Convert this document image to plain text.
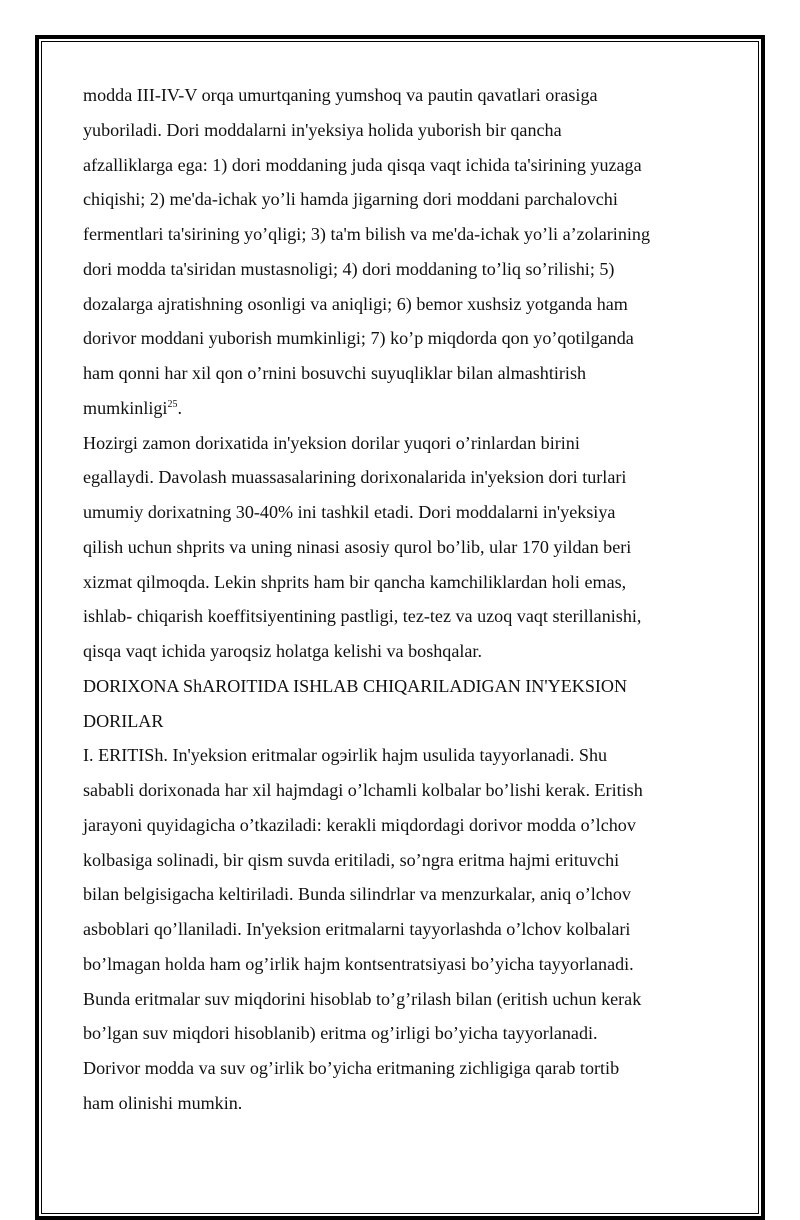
modda III-IV-V orqa umurtqaning yumshoq va pautin qavatlari orasiga
yuboriladi. Dori moddalarni in'yeksiya holida yuborish bir qancha
afzalliklarga ega: 1) dori moddaning juda qisqa vaqt ichida ta'sirining yuzaga
chiqishi; 2) me'da-ichak yo’li hamda jigarning dori moddani parchalovchi
fermentlari ta'sirining yo’qligi; 3) ta'm bilish va me'da-ichak yo’li a’zolarining
dori modda ta'siridan mustasnoligi; 4) dori moddaning to’liq so’rilishi; 5)
dozalarga ajratishning osonligi va aniqligi; 6) bemor xushsiz yotganda ham
dorivor moddani yuborish mumkinligi; 7) ko’p miqdorda qon yo’qotilganda
ham qonni har xil qon o’rnini bosuvchi suyuqliklar bilan almashtirish
mumkinligi$^{25}$.

Hozirgi zamon dorixatida in'yeksion dorilar yuqori o’rinlardan birini
egallaydi. Davolash muassasalarining dorixonalarida in'yeksion dori turlari
umumiy dorixatning 30-40% ini tashkil etadi. Dori moddalarni in'yeksiya
qilish uchun shprits va uning ninasi asosiy qurol bo’lib, ular 170 yildan beri
xizmat qilmoqda. Lekin shprits ham bir qancha kamchiliklardan holi emas,
ishlab- chiqarish koeffitsiyentining pastligi, tez-tez va uzoq vaqt sterillanishi,
qisqa vaqt ichida yaroqsiz holatga kelishi va boshqalar.

DORIXONA ShAROITIDA ISHLAB CHIQARILADIGAN IN'YEKSION
DORILAR

I. ERITISh. In'yeksion eritmalar ogэirlik hajm usulida tayyorlanadi. Shu
sababli dorixonada har xil hajmdagi o’lchamli kolbalar bo’lishi kerak. Eritish
jarayoni quyidagicha o’tkaziladi: kerakli miqdordagi dorivor modda o’lchov
kolbasiga solinadi, bir qism suvda eritiladi, so’ngra eritma hajmi erituvchi
bilan belgisigacha keltiriladi. Bunda silindrlar va menzurkalar, aniq o’lchov
asboblari qo’llaniladi. In'yeksion eritmalarni tayyorlashda o’lchov kolbalari
bo’lmagan holda ham og’irlik hajm kontsentratsiyasi bo’yicha tayyorlanadi.
Bunda eritmalar suv miqdorini hisoblab to’g’rilash bilan (eritish uchun kerak
bo’lgan suv miqdori hisoblanib) eritma og’irligi bo’yicha tayyorlanadi.
Dorivor modda va suv og’irlik bo’yicha eritmaning zichligiga qarab tortib
ham olinishi mumkin.
